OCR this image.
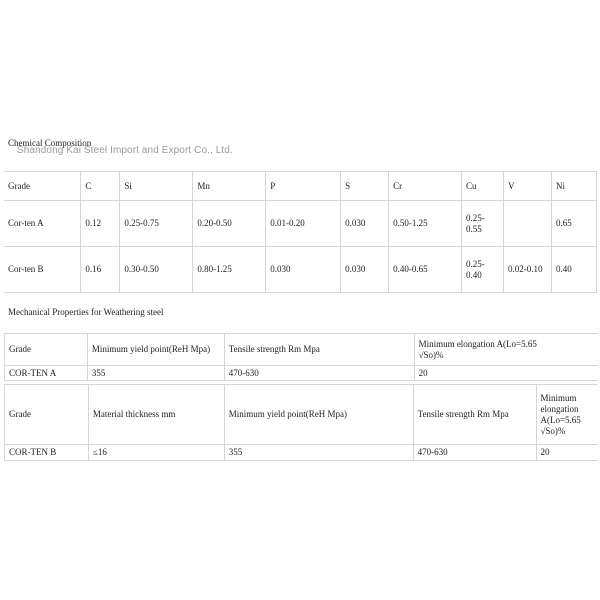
Chemical Composition
Shandong Kai Steel Import and Export Co., Ltd.
Grade	C	Si	Mn	P	S	Cr	Cu	V	Ni
Cor-ten A	0.12	0.25-0.75	0.20-0.50	0.01-0.20	0.030	0.50-1.25	0.25-0.55		0.65
Cor-ten B	0.16	0.30-0.50	0.80-1.25	0.030	0.030	0.40-0.65	0.25-0.40	0.02-0.10	0.40
Mechanical Properties for Weathering steel
Grade	Minimum yield point(ReH Mpa)	Tensile strength Rm Mpa	Minimum elongation A(Lo=5.65 √So)%

COR-TEN A	355	470-630	20
Grade	Material thickness mm	Minimum yield point(ReH Mpa)	Tensile strength Rm Mpa	Minimum elongation A(Lo=5.65 √So)%

COR-TEN B	≤16	355	470-630	20
